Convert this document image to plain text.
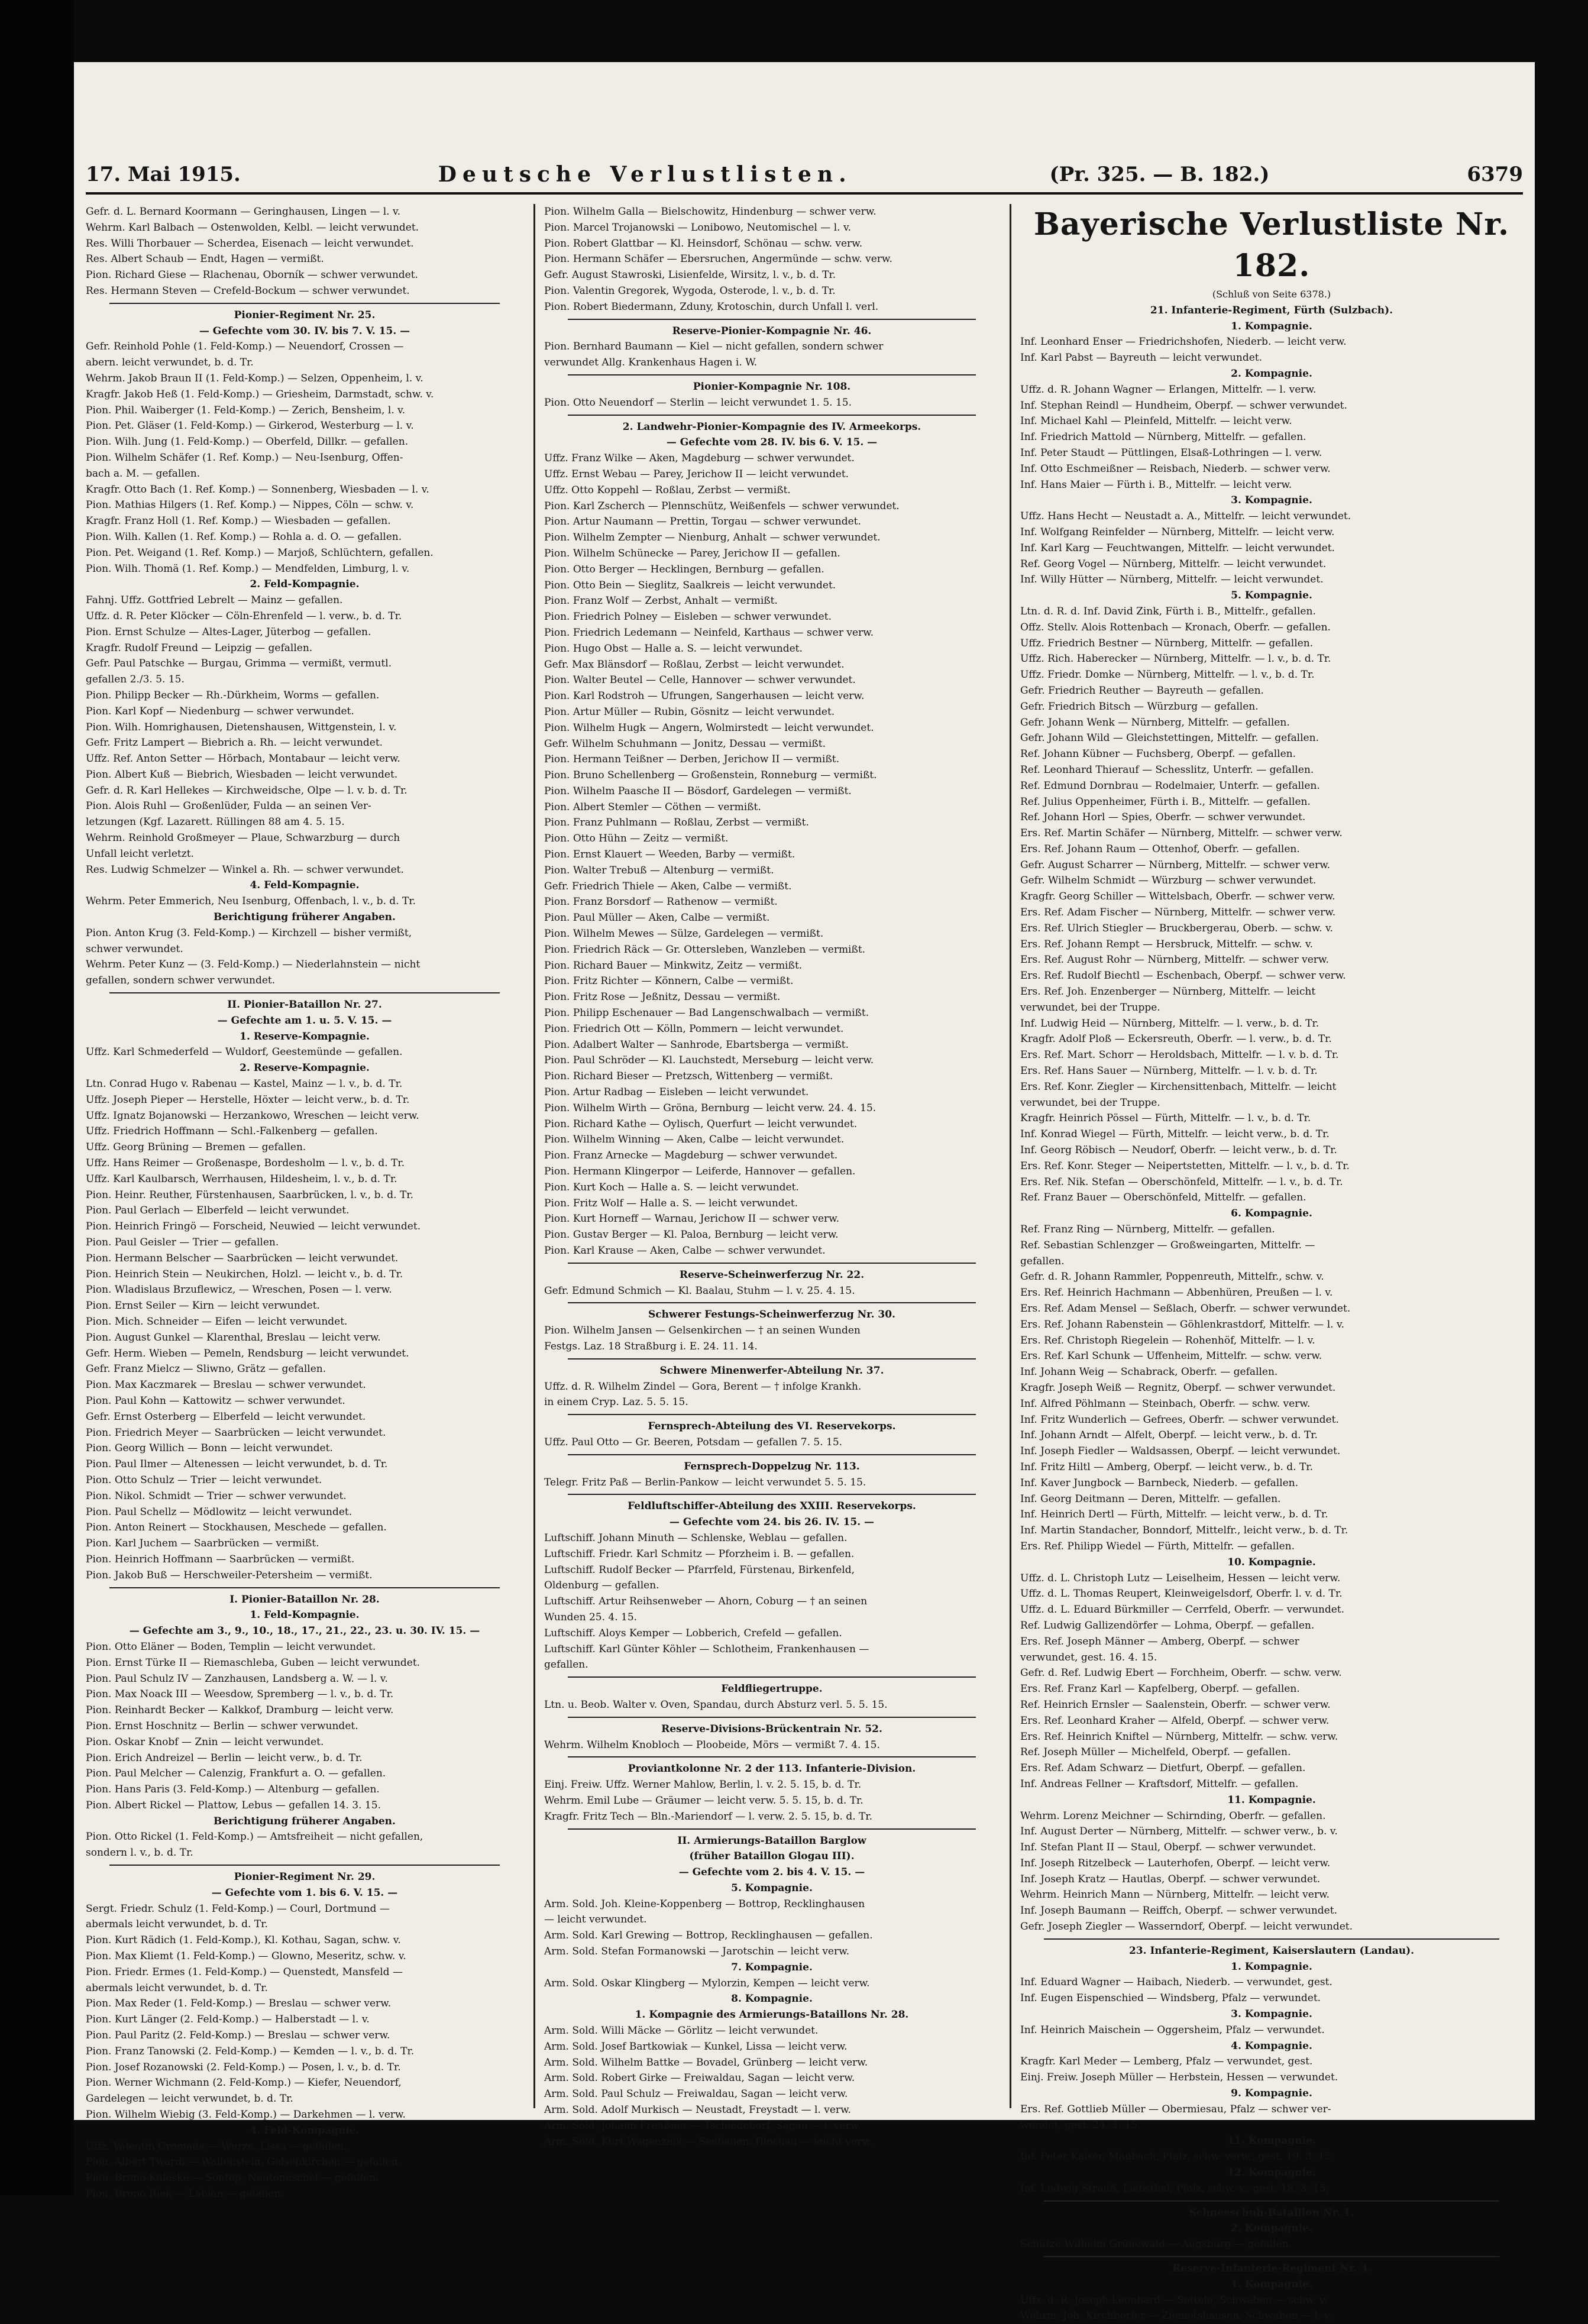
17. Mai 1915.	Deutsche Verlustlisten.	(Pr. 325. — B. 182.)	6379
Gefr. d. L. Bernard Koormann — Geringhausen, Lingen — l. v.
Wehrm. Karl Balbach — Ostenwolden, Kelbl. — leicht verwundet.
Res. Willi Thorbauer — Scherdea, Eisenach — leicht verwundet.
Res. Albert Schaub — Endt, Hagen — vermißt.
Pion. Richard Giese — Rlachenau, Oborník — schwer verwundet.
Res. Hermann Steven — Crefeld-Bockum — schwer verwundet.
Pionier-Regiment Nr. 25.
— Gefechte vom 30. IV. bis 7. V. 15. —
Gefr. Reinhold Pohle (1. Feld-Komp.) — Neuendorf, Crossen —
abern. leicht verwundet, b. d. Tr.
Wehrm. Jakob Braun II (1. Feld-Komp.) — Selzen, Oppenheim, l. v.
Kragfr. Jakob Heß (1. Feld-Komp.) — Griesheim, Darmstadt, schw. v.
Pion. Phil. Waiberger (1. Feld-Komp.) — Zerich, Bensheim, l. v.
Pion. Pet. Gläser (1. Feld-Komp.) — Girkerod, Westerburg — l. v.
Pion. Wilh. Jung (1. Feld-Komp.) — Oberfeld, Dillkr. — gefallen.
Pion. Wilhelm Schäfer (1. Ref. Komp.) — Neu-Isenburg, Offen-
bach a. M. — gefallen.
Kragfr. Otto Bach (1. Ref. Komp.) — Sonnenberg, Wiesbaden — l. v.
Pion. Mathias Hilgers (1. Ref. Komp.) — Nippes, Cöln — schw. v.
Kragfr. Franz Holl (1. Ref. Komp.) — Wiesbaden — gefallen.
Pion. Wilh. Kallen (1. Ref. Komp.) — Rohla a. d. O. — gefallen.
Pion. Pet. Weigand (1. Ref. Komp.) — Marjoß, Schlüchtern, gefallen.
Pion. Wilh. Thomä (1. Ref. Komp.) — Mendfelden, Limburg, l. v.
2. Feld-Kompagnie.
Fahnj. Uffz. Gottfried Lebrelt — Mainz — gefallen.
Uffz. d. R. Peter Klöcker — Cöln-Ehrenfeld — l. verw., b. d. Tr.
Pion. Ernst Schulze — Altes-Lager, Jüterbog — gefallen.
Kragfr. Rudolf Freund — Leipzig — gefallen.
Gefr. Paul Patschke — Burgau, Grimma — vermißt, vermutl.
gefallen 2./3. 5. 15.
Pion. Philipp Becker — Rh.-Dürkheim, Worms — gefallen.
Pion. Karl Kopf — Niedenburg — schwer verwundet.
Pion. Wilh. Homrighausen, Dietenshausen, Wittgenstein, l. v.
Gefr. Fritz Lampert — Biebrich a. Rh. — leicht verwundet.
Uffz. Ref. Anton Setter — Hörbach, Montabaur — leicht verw.
Pion. Albert Kuß — Biebrich, Wiesbaden — leicht verwundet.
Gefr. d. R. Karl Hellekes — Kirchweidsche, Olpe — l. v. b. d. Tr.
Pion. Alois Ruhl — Großenlüder, Fulda — an seinen Ver-
letzungen (Kgf. Lazarett. Rüllingen 88 am 4. 5. 15.
Wehrm. Reinhold Großmeyer — Plaue, Schwarzburg — durch
Unfall leicht verletzt.
Res. Ludwig Schmelzer — Winkel a. Rh. — schwer verwundet.
4. Feld-Kompagnie.
Wehrm. Peter Emmerich, Neu Isenburg, Offenbach, l. v., b. d. Tr.
Berichtigung früherer Angaben.
Pion. Anton Krug (3. Feld-Komp.) — Kirchzell — bisher vermißt,
schwer verwundet.
Wehrm. Peter Kunz — (3. Feld-Komp.) — Niederlahnstein — nicht
gefallen, sondern schwer verwundet.
II. Pionier-Bataillon Nr. 27.
— Gefechte am 1. u. 5. V. 15. —
1. Reserve-Kompagnie.
Uffz. Karl Schmederfeld — Wuldorf, Geestemünde — gefallen.
2. Reserve-Kompagnie.
Ltn. Conrad Hugo v. Rabenau — Kastel, Mainz — l. v., b. d. Tr.
Uffz. Joseph Pieper — Herstelle, Höxter — leicht verw., b. d. Tr.
Uffz. Ignatz Bojanowski — Herzankowo, Wreschen — leicht verw.
Uffz. Friedrich Hoffmann — Schl.-Falkenberg — gefallen.
Uffz. Georg Brüning — Bremen — gefallen.
Uffz. Hans Reimer — Großenaspe, Bordesholm — l. v., b. d. Tr.
Uffz. Karl Kaulbarsch, Werrhausen, Hildesheim, l. v., b. d. Tr.
Pion. Heinr. Reuther, Fürstenhausen, Saarbrücken, l. v., b. d. Tr.
Pion. Paul Gerlach — Elberfeld — leicht verwundet.
Pion. Heinrich Fringö — Forscheid, Neuwied — leicht verwundet.
Pion. Paul Geisler — Trier — gefallen.
Pion. Hermann Belscher — Saarbrücken — leicht verwundet.
Pion. Heinrich Stein — Neukirchen, Holzl. — leicht v., b. d. Tr.
Pion. Wladislaus Brzuflewicz, — Wreschen, Posen — l. verw.
Pion. Ernst Seiler — Kirn — leicht verwundet.
Pion. Mich. Schneider — Eifen — leicht verwundet.
Pion. August Gunkel — Klarenthal, Breslau — leicht verw.
Gefr. Herm. Wieben — Pemeln, Rendsburg — leicht verwundet.
Gefr. Franz Mielcz — Sliwno, Grätz — gefallen.
Pion. Max Kaczmarek — Breslau — schwer verwundet.
Pion. Paul Kohn — Kattowitz — schwer verwundet.
Gefr. Ernst Osterberg — Elberfeld — leicht verwundet.
Pion. Friedrich Meyer — Saarbrücken — leicht verwundet.
Pion. Georg Willich — Bonn — leicht verwundet.
Pion. Paul Ilmer — Altenessen — leicht verwundet, b. d. Tr.
Pion. Otto Schulz — Trier — leicht verwundet.
Pion. Nikol. Schmidt — Trier — schwer verwundet.
Pion. Paul Schellz — Mödlowitz — leicht verwundet.
Pion. Anton Reinert — Stockhausen, Meschede — gefallen.
Pion. Karl Juchem — Saarbrücken — vermißt.
Pion. Heinrich Hoffmann — Saarbrücken — vermißt.
Pion. Jakob Buß — Herschweiler-Petersheim — vermißt.
I. Pionier-Bataillon Nr. 28.
1. Feld-Kompagnie.
— Gefechte am 3., 9., 10., 18., 17., 21., 22., 23. u. 30. IV. 15. —
Pion. Otto Eläner — Boden, Templin — leicht verwundet.
Pion. Ernst Türke II — Riemaschleba, Guben — leicht verwundet.
Pion. Paul Schulz IV — Zanzhausen, Landsberg a. W. — l. v.
Pion. Max Noack III — Weesdow, Spremberg — l. v., b. d. Tr.
Pion. Reinhardt Becker — Kalkkof, Dramburg — leicht verw.
Pion. Ernst Hoschnitz — Berlin — schwer verwundet.
Pion. Oskar Knobf — Znin — leicht verwundet.
Pion. Erich Andreizel — Berlin — leicht verw., b. d. Tr.
Pion. Paul Melcher — Calenzig, Frankfurt a. O. — gefallen.
Pion. Hans Paris (3. Feld-Komp.) — Altenburg — gefallen.
Pion. Albert Rickel — Plattow, Lebus — gefallen 14. 3. 15.
Berichtigung früherer Angaben.
Pion. Otto Rickel (1. Feld-Komp.) — Amtsfreiheit — nicht gefallen,
sondern l. v., b. d. Tr.
Pionier-Regiment Nr. 29.
— Gefechte vom 1. bis 6. V. 15. —
Sergt. Friedr. Schulz (1. Feld-Komp.) — Courl, Dortmund —
abermals leicht verwundet, b. d. Tr.
Pion. Kurt Rädich (1. Feld-Komp.), Kl. Kothau, Sagan, schw. v.
Pion. Max Kliemt (1. Feld-Komp.) — Glowno, Meseritz, schw. v.
Pion. Friedr. Ermes (1. Feld-Komp.) — Quenstedt, Mansfeld —
abermals leicht verwundet, b. d. Tr.
Pion. Max Reder (1. Feld-Komp.) — Breslau — schwer verw.
Pion. Kurt Länger (2. Feld-Komp.) — Halberstadt — l. v.
Pion. Paul Paritz (2. Feld-Komp.) — Breslau — schwer verw.
Pion. Franz Tanowski (2. Feld-Komp.) — Kemden — l. v., b. d. Tr.
Pion. Josef Rozanowski (2. Feld-Komp.) — Posen, l. v., b. d. Tr.
Pion. Werner Wichmann (2. Feld-Komp.) — Kiefer, Neuendorf,
Gardelegen — leicht verwundet, b. d. Tr.
Pion. Wilhelm Wiebig (3. Feld-Komp.) — Darkehmen — l. verw.
4. Feld-Kompagnie.
Uffz. Valentin Gromada — Wurze, Lissa — gefallen.
Pion. Albert Twardi — Wallenstein, Gelsenkirchen — gefallen.
Pion. Bruno Kaleske — Sontop, Neutomischel — gefallen.
Pion. Bruno Riek — Labian — gefallen.
Pion. Wilhelm Galla — Bielschowitz, Hindenburg — schwer verw.
Pion. Marcel Trojanowski — Lonibowo, Neutomischel — l. v.
Pion. Robert Glattbar — Kl. Heinsdorf, Schönau — schw. verw.
Pion. Hermann Schäfer — Ebersruchen, Angermünde — schw. verw.
Gefr. August Stawroski, Lisienfelde, Wirsitz, l. v., b. d. Tr.
Pion. Valentin Gregorek, Wygoda, Osterode, l. v., b. d. Tr.
Pion. Robert Biedermann, Zduny, Krotoschin, durch Unfall l. verl.
Reserve-Pionier-Kompagnie Nr. 46.
Pion. Bernhard Baumann — Kiel — nicht gefallen, sondern schwer
verwundet Allg. Krankenhaus Hagen i. W.
Pionier-Kompagnie Nr. 108.
Pion. Otto Neuendorf — Sterlin — leicht verwundet 1. 5. 15.
2. Landwehr-Pionier-Kompagnie des IV. Armeekorps.
— Gefechte vom 28. IV. bis 6. V. 15. —
Uffz. Franz Wilke — Aken, Magdeburg — schwer verwundet.
Uffz. Ernst Webau — Parey, Jerichow II — leicht verwundet.
Uffz. Otto Koppehl — Roßlau, Zerbst — vermißt.
Pion. Karl Zscherch — Plennschütz, Weißenfels — schwer verwundet.
Pion. Artur Naumann — Prettin, Torgau — schwer verwundet.
Pion. Wilhelm Zempter — Nienburg, Anhalt — schwer verwundet.
Pion. Wilhelm Schünecke — Parey, Jerichow II — gefallen.
Pion. Otto Berger — Hecklingen, Bernburg — gefallen.
Pion. Otto Bein — Sieglitz, Saalkreis — leicht verwundet.
Pion. Franz Wolf — Zerbst, Anhalt — vermißt.
Pion. Friedrich Polney — Eisleben — schwer verwundet.
Pion. Friedrich Ledemann — Neinfeld, Karthaus — schwer verw.
Pion. Hugo Obst — Halle a. S. — leicht verwundet.
Gefr. Max Blänsdorf — Roßlau, Zerbst — leicht verwundet.
Pion. Walter Beutel — Celle, Hannover — schwer verwundet.
Pion. Karl Rodstroh — Ufrungen, Sangerhausen — leicht verw.
Pion. Artur Müller — Rubin, Gösnitz — leicht verwundet.
Pion. Wilhelm Hugk — Angern, Wolmirstedt — leicht verwundet.
Gefr. Wilhelm Schuhmann — Jonitz, Dessau — vermißt.
Pion. Hermann Teißner — Derben, Jerichow II — vermißt.
Pion. Bruno Schellenberg — Großenstein, Ronneburg — vermißt.
Pion. Wilhelm Paasche II — Bösdorf, Gardelegen — vermißt.
Pion. Albert Stemler — Cöthen — vermißt.
Pion. Franz Puhlmann — Roßlau, Zerbst — vermißt.
Pion. Otto Hühn — Zeitz — vermißt.
Pion. Ernst Klauert — Weeden, Barby — vermißt.
Pion. Walter Trebuß — Altenburg — vermißt.
Gefr. Friedrich Thiele — Aken, Calbe — vermißt.
Pion. Franz Borsdorf — Rathenow — vermißt.
Pion. Paul Müller — Aken, Calbe — vermißt.
Pion. Wilhelm Mewes — Sülze, Gardelegen — vermißt.
Pion. Friedrich Räck — Gr. Ottersleben, Wanzleben — vermißt.
Pion. Richard Bauer — Minkwitz, Zeitz — vermißt.
Pion. Fritz Richter — Könnern, Calbe — vermißt.
Pion. Fritz Rose — Jeßnitz, Dessau — vermißt.
Pion. Philipp Eschenauer — Bad Langenschwalbach — vermißt.
Pion. Friedrich Ott — Kölln, Pommern — leicht verwundet.
Pion. Adalbert Walter — Sanhrode, Ebartsberga — vermißt.
Pion. Paul Schröder — Kl. Lauchstedt, Merseburg — leicht verw.
Pion. Richard Bieser — Pretzsch, Wittenberg — vermißt.
Pion. Artur Radbag — Eisleben — leicht verwundet.
Pion. Wilhelm Wirth — Gröna, Bernburg — leicht verw. 24. 4. 15.
Pion. Richard Kathe — Oylisch, Querfurt — leicht verwundet.
Pion. Wilhelm Winning — Aken, Calbe — leicht verwundet.
Pion. Franz Arnecke — Magdeburg — schwer verwundet.
Pion. Hermann Klingerpor — Leiferde, Hannover — gefallen.
Pion. Kurt Koch — Halle a. S. — leicht verwundet.
Pion. Fritz Wolf — Halle a. S. — leicht verwundet.
Pion. Kurt Horneff — Warnau, Jerichow II — schwer verw.
Pion. Gustav Berger — Kl. Paloa, Bernburg — leicht verw.
Pion. Karl Krause — Aken, Calbe — schwer verwundet.
Reserve-Scheinwerferzug Nr. 22.
Gefr. Edmund Schmich — Kl. Baalau, Stuhm — l. v. 25. 4. 15.
Schwerer Festungs-Scheinwerferzug Nr. 30.
Pion. Wilhelm Jansen — Gelsenkirchen — † an seinen Wunden
Festgs. Laz. 18 Straßburg i. E. 24. 11. 14.
Schwere Minenwerfer-Abteilung Nr. 37.
Uffz. d. R. Wilhelm Zindel — Gora, Berent — † infolge Krankh.
in einem Cryp. Laz. 5. 5. 15.
Fernsprech-Abteilung des VI. Reservekorps.
Uffz. Paul Otto — Gr. Beeren, Potsdam — gefallen 7. 5. 15.
Fernsprech-Doppelzug Nr. 113.
Telegr. Fritz Paß — Berlin-Pankow — leicht verwundet 5. 5. 15.
Feldluftschiffer-Abteilung des XXIII. Reservekorps.
— Gefechte vom 24. bis 26. IV. 15. —
Luftschiff. Johann Minuth — Schlenske, Weblau — gefallen.
Luftschiff. Friedr. Karl Schmitz — Pforzheim i. B. — gefallen.
Luftschiff. Rudolf Becker — Pfarrfeld, Fürstenau, Birkenfeld,
Oldenburg — gefallen.
Luftschiff. Artur Reihsenweber — Ahorn, Coburg — † an seinen
Wunden 25. 4. 15.
Luftschiff. Aloys Kemper — Lobberich, Crefeld — gefallen.
Luftschiff. Karl Günter Köhler — Schlotheim, Frankenhausen —
gefallen.
Feldfliegertruppe.
Ltn. u. Beob. Walter v. Oven, Spandau, durch Absturz verl. 5. 5. 15.
Reserve-Divisions-Brückentrain Nr. 52.
Wehrm. Wilhelm Knobloch — Ploobeide, Mörs — vermißt 7. 4. 15.
Proviantkolonne Nr. 2 der 113. Infanterie-Division.
Einj. Freiw. Uffz. Werner Mahlow, Berlin, l. v. 2. 5. 15, b. d. Tr.
Wehrm. Emil Lube — Gräumer — leicht verw. 5. 5. 15, b. d. Tr.
Kragfr. Fritz Tech — Bln.-Mariendorf — l. verw. 2. 5. 15, b. d. Tr.
II. Armierungs-Bataillon Barglow
(früher Bataillon Glogau III).
— Gefechte vom 2. bis 4. V. 15. —
5. Kompagnie.
Arm. Sold. Joh. Kleine-Koppenberg — Bottrop, Recklinghausen
— leicht verwundet.
Arm. Sold. Karl Grewing — Bottrop, Recklinghausen — gefallen.
Arm. Sold. Stefan Formanowski — Jarotschin — leicht verw.
7. Kompagnie.
Arm. Sold. Oskar Klingberg — Mylorzin, Kempen — leicht verw.
8. Kompagnie.
1. Kompagnie des Armierungs-Bataillons Nr. 28.
Arm. Sold. Willi Mäcke — Görlitz — leicht verwundet.
Arm. Sold. Josef Bartkowiak — Kunkel, Lissa — leicht verw.
Arm. Sold. Wilhelm Battke — Bovadel, Grünberg — leicht verw.
Arm. Sold. Robert Girke — Freiwaldau, Sagan — leicht verw.
Arm. Sold. Paul Schulz — Freiwaldau, Sagan — leicht verw.
Arm. Sold. Adolf Murkisch — Neustadt, Freystadt — l. verw.
Arm. Sold. Johann Preußner — Tschiedeborf, Sagan — l. verw.
Arm. Sold. Kurt Wagenzink — Seebauen, Dlochau — leicht verw.
Bayerische Verlustliste Nr. 182.
(Schluß von Seite 6378.)
21. Infanterie-Regiment, Fürth (Sulzbach).
1. Kompagnie.
Inf. Leonhard Enser — Friedrichshofen, Niederb. — leicht verw.
Inf. Karl Pabst — Bayreuth — leicht verwundet.
2. Kompagnie.
Uffz. d. R. Johann Wagner — Erlangen, Mittelfr. — l. verw.
Inf. Stephan Reindl — Hundheim, Oberpf. — schwer verwundet.
Inf. Michael Kahl — Pleinfeld, Mittelfr. — leicht verw.
Inf. Friedrich Mattold — Nürnberg, Mittelfr. — gefallen.
Inf. Peter Staudt — Püttlingen, Elsaß-Lothringen — l. verw.
Inf. Otto Eschmeißner — Reisbach, Niederb. — schwer verw.
Inf. Hans Maier — Fürth i. B., Mittelfr. — leicht verw.
3. Kompagnie.
Uffz. Hans Hecht — Neustadt a. A., Mittelfr. — leicht verwundet.
Inf. Wolfgang Reinfelder — Nürnberg, Mittelfr. — leicht verw.
Inf. Karl Karg — Feuchtwangen, Mittelfr. — leicht verwundet.
Ref. Georg Vogel — Nürnberg, Mittelfr. — leicht verwundet.
Inf. Willy Hütter — Nürnberg, Mittelfr. — leicht verwundet.
5. Kompagnie.
Ltn. d. R. d. Inf. David Zink, Fürth i. B., Mittelfr., gefallen.
Offz. Stellv. Alois Rottenbach — Kronach, Oberfr. — gefallen.
Uffz. Friedrich Bestner — Nürnberg, Mittelfr. — gefallen.
Uffz. Rich. Haberecker — Nürnberg, Mittelfr. — l. v., b. d. Tr.
Uffz. Friedr. Domke — Nürnberg, Mittelfr. — l. v., b. d. Tr.
Gefr. Friedrich Reuther — Bayreuth — gefallen.
Gefr. Friedrich Bitsch — Würzburg — gefallen.
Gefr. Johann Wenk — Nürnberg, Mittelfr. — gefallen.
Gefr. Johann Wild — Gleichstettingen, Mittelfr. — gefallen.
Ref. Johann Kübner — Fuchsberg, Oberpf. — gefallen.
Ref. Leonhard Thierauf — Schesslitz, Unterfr. — gefallen.
Ref. Edmund Dornbrau — Rodelmaier, Unterfr. — gefallen.
Ref. Julius Oppenheimer, Fürth i. B., Mittelfr. — gefallen.
Ref. Johann Horl — Spies, Oberfr. — schwer verwundet.
Ers. Ref. Martin Schäfer — Nürnberg, Mittelfr. — schwer verw.
Ers. Ref. Johann Raum — Ottenhof, Oberfr. — gefallen.
Gefr. August Scharrer — Nürnberg, Mittelfr. — schwer verw.
Gefr. Wilhelm Schmidt — Würzburg — schwer verwundet.
Kragfr. Georg Schiller — Wittelsbach, Oberfr. — schwer verw.
Ers. Ref. Adam Fischer — Nürnberg, Mittelfr. — schwer verw.
Ers. Ref. Ulrich Stiegler — Bruckbergerau, Oberb. — schw. v.
Ers. Ref. Johann Rempt — Hersbruck, Mittelfr. — schw. v.
Ers. Ref. August Rohr — Nürnberg, Mittelfr. — schwer verw.
Ers. Ref. Rudolf Biechtl — Eschenbach, Oberpf. — schwer verw.
Ers. Ref. Joh. Enzenberger — Nürnberg, Mittelfr. — leicht
verwundet, bei der Truppe.
Inf. Ludwig Heid — Nürnberg, Mittelfr. — l. verw., b. d. Tr.
Kragfr. Adolf Ploß — Eckersreuth, Oberfr. — l. verw., b. d. Tr.
Ers. Ref. Mart. Schorr — Heroldsbach, Mittelfr. — l. v. b. d. Tr.
Ers. Ref. Hans Sauer — Nürnberg, Mittelfr. — l. v. b. d. Tr.
Ers. Ref. Konr. Ziegler — Kirchensittenbach, Mittelfr. — leicht
verwundet, bei der Truppe.
Kragfr. Heinrich Pössel — Fürth, Mittelfr. — l. v., b. d. Tr.
Inf. Konrad Wiegel — Fürth, Mittelfr. — leicht verw., b. d. Tr.
Inf. Georg Röbisch — Neudorf, Oberfr. — leicht verw., b. d. Tr.
Ers. Ref. Konr. Steger — Neipertstetten, Mittelfr. — l. v., b. d. Tr.
Ers. Ref. Nik. Stefan — Oberschönfeld, Mittelfr. — l. v., b. d. Tr.
Ref. Franz Bauer — Oberschönfeld, Mittelfr. — gefallen.
6. Kompagnie.
Ref. Franz Ring — Nürnberg, Mittelfr. — gefallen.
Ref. Sebastian Schlenzger — Großweingarten, Mittelfr. —
gefallen.
Gefr. d. R. Johann Rammler, Poppenreuth, Mittelfr., schw. v.
Ers. Ref. Heinrich Hachmann — Abbenhüren, Preußen — l. v.
Ers. Ref. Adam Mensel — Seßlach, Oberfr. — schwer verwundet.
Ers. Ref. Johann Rabenstein — Göhlenkrastdorf, Mittelfr. — l. v.
Ers. Ref. Christoph Riegelein — Rohenhöf, Mittelfr. — l. v.
Ers. Ref. Karl Schunk — Uffenheim, Mittelfr. — schw. verw.
Inf. Johann Weig — Schabrack, Oberfr. — gefallen.
Kragfr. Joseph Weiß — Regnitz, Oberpf. — schwer verwundet.
Inf. Alfred Pöhlmann — Steinbach, Oberfr. — schw. verw.
Inf. Fritz Wunderlich — Gefrees, Oberfr. — schwer verwundet.
Inf. Johann Arndt — Alfelt, Oberpf. — leicht verw., b. d. Tr.
Inf. Joseph Fiedler — Waldsassen, Oberpf. — leicht verwundet.
Inf. Fritz Hiltl — Amberg, Oberpf. — leicht verw., b. d. Tr.
Inf. Kaver Jungbock — Barnbeck, Niederb. — gefallen.
Inf. Georg Deitmann — Deren, Mittelfr. — gefallen.
Inf. Heinrich Dertl — Fürth, Mittelfr. — leicht verw., b. d. Tr.
Inf. Martin Standacher, Bonndorf, Mittelfr., leicht verw., b. d. Tr.
Ers. Ref. Philipp Wiedel — Fürth, Mittelfr. — gefallen.
10. Kompagnie.
Uffz. d. L. Christoph Lutz — Leiselheim, Hessen — leicht verw.
Uffz. d. L. Thomas Reupert, Kleinweigelsdorf, Oberfr. l. v. d. Tr.
Uffz. d. L. Eduard Bürkmiller — Cerrfeld, Oberfr. — verwundet.
Ref. Ludwig Gallizendörfer — Lohma, Oberpf. — gefallen.
Ers. Ref. Joseph Männer — Amberg, Oberpf. — schwer
verwundet, gest. 16. 4. 15.
Gefr. d. Ref. Ludwig Ebert — Forchheim, Oberfr. — schw. verw.
Ers. Ref. Franz Karl — Kapfelberg, Oberpf. — gefallen.
Ref. Heinrich Ernsler — Saalenstein, Oberfr. — schwer verw.
Ers. Ref. Leonhard Kraher — Alfeld, Oberpf. — schwer verw.
Ers. Ref. Heinrich Kniftel — Nürnberg, Mittelfr. — schw. verw.
Ref. Joseph Müller — Michelfeld, Oberpf. — gefallen.
Ers. Ref. Adam Schwarz — Dietfurt, Oberpf. — gefallen.
Inf. Andreas Fellner — Kraftsdorf, Mittelfr. — gefallen.
11. Kompagnie.
Wehrm. Lorenz Meichner — Schirnding, Oberfr. — gefallen.
Inf. August Derter — Nürnberg, Mittelfr. — schwer verw., b. v.
Inf. Stefan Plant II — Staul, Oberpf. — schwer verwundet.
Inf. Joseph Ritzelbeck — Lauterhofen, Oberpf. — leicht verw.
Inf. Joseph Kratz — Hautlas, Oberpf. — schwer verwundet.
Wehrm. Heinrich Mann — Nürnberg, Mittelfr. — leicht verw.
Inf. Joseph Baumann — Reiffch, Oberpf. — schwer verwundet.
Gefr. Joseph Ziegler — Wasserndorf, Oberpf. — leicht verwundet.
23. Infanterie-Regiment, Kaiserslautern (Landau).
1. Kompagnie.
Inf. Eduard Wagner — Haibach, Niederb. — verwundet, gest.
Inf. Eugen Eispenschied — Windsberg, Pfalz — verwundet.
3. Kompagnie.
Inf. Heinrich Maischein — Oggersheim, Pfalz — verwundet.
4. Kompagnie.
Kragfr. Karl Meder — Lemberg, Pfalz — verwundet, gest.
Einj. Freiw. Joseph Müller — Herbstein, Hessen — verwundet.
9. Kompagnie.
Ers. Ref. Gottlieb Müller — Obermiesau, Pfalz — schwer ver-
wundet, gest. 24. 3. 15.
11. Kompagnie.
Inf. Peter Kaiser, Maubach, Pfalz, schw. verw., gest. 19. 3. 15.
12. Kompagnie.
Inf. Ludwig Strauß, Liebsthal, Pfalz, schw. v., gest. 18. 3. 15.
Schneeschuh-Bataillon Nr. 1.
2. Kompagnie.
Schütze Wilhelm Grünewald — Augsburg — gefallen.
Reserve-Infanterie-Regiment Nr. 3.
1. Kompagnie.
Uffz. d. R. Joseph Leonhard — Settele, Schwaben — schw. v.
Wehrm. Joh. Kirchborfer — Ziemetshausen, Schwaben — l. v.
